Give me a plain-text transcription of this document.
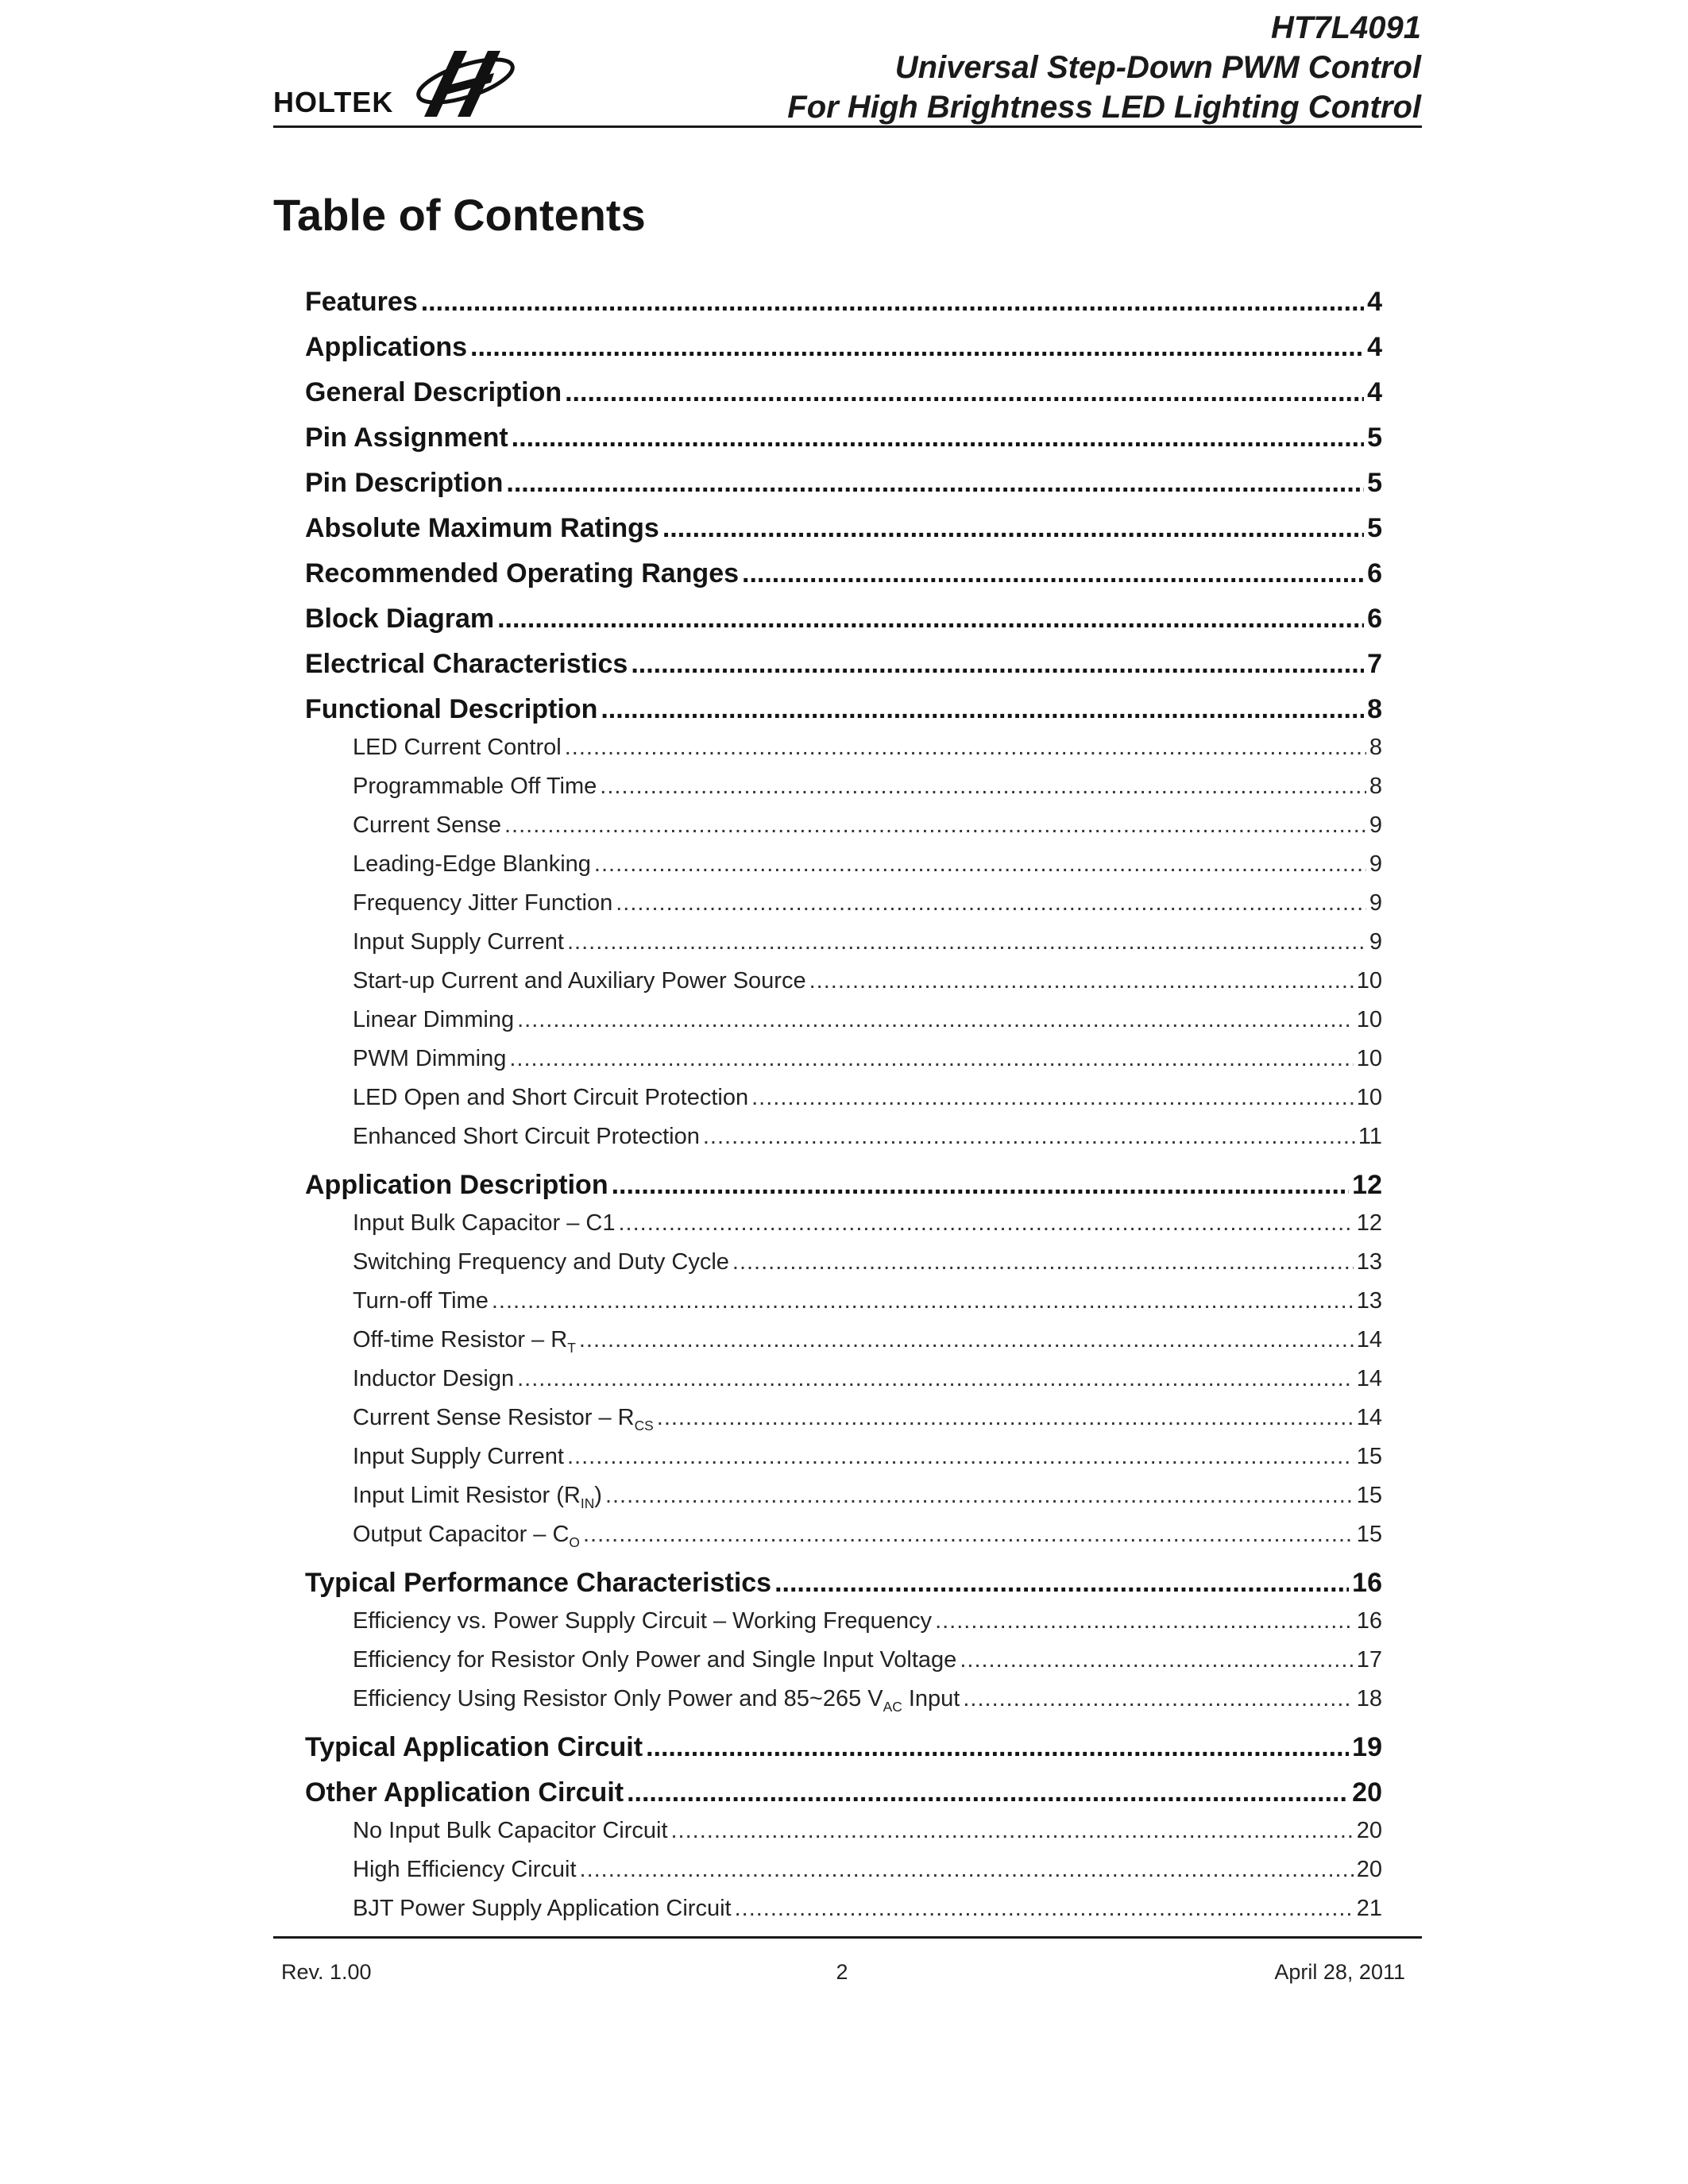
HOLTEK
HT7L4091
Universal Step-Down PWM Control
For High Brightness LED Lighting Control
Table of Contents
Features .....	4
Applications .....	4
General Description .....	4
Pin Assignment .....	5
Pin Description .....	5
Absolute Maximum Ratings .....	5
Recommended Operating Ranges .....	6
Block Diagram .....	6
Electrical Characteristics .....	7
Functional Description .....	8
LED Current Control .....	8
Programmable Off Time .....	8
Current Sense .....	9
Leading-Edge Blanking .....	9
Frequency Jitter Function .....	9
Input Supply Current .....	9
Start-up Current and Auxiliary Power Source .....	10
Linear Dimming .....	10
PWM Dimming .....	10
LED Open and Short Circuit Protection .....	10
Enhanced Short Circuit Protection .....	11
Application Description .....	12
Input Bulk Capacitor – C1 .....	12
Switching Frequency and Duty Cycle .....	13
Turn-off Time .....	13
Off-time Resistor – $R_T$ .....	14
Inductor Design .....	14
Current Sense Resistor – $R_{CS}$ .....	14
Input Supply Current .....	15
Input Limit Resistor $(R_{IN})$ .....	15
Output Capacitor – $C_O$ .....	15
Typical Performance Characteristics .....	16
Efficiency vs. Power Supply Circuit – Working Frequency .....	16
Efficiency for Resistor Only Power and Single Input Voltage .....	17
Efficiency Using Resistor Only Power and 85~265 $V_{AC}$ Input .....	18
Typical Application Circuit .....	19
Other Application Circuit .....	20
No Input Bulk Capacitor Circuit .....	20
High Efficiency Circuit .....	20
BJT Power Supply Application Circuit .....	21
Rev. 1.00	2	April 28, 2011
